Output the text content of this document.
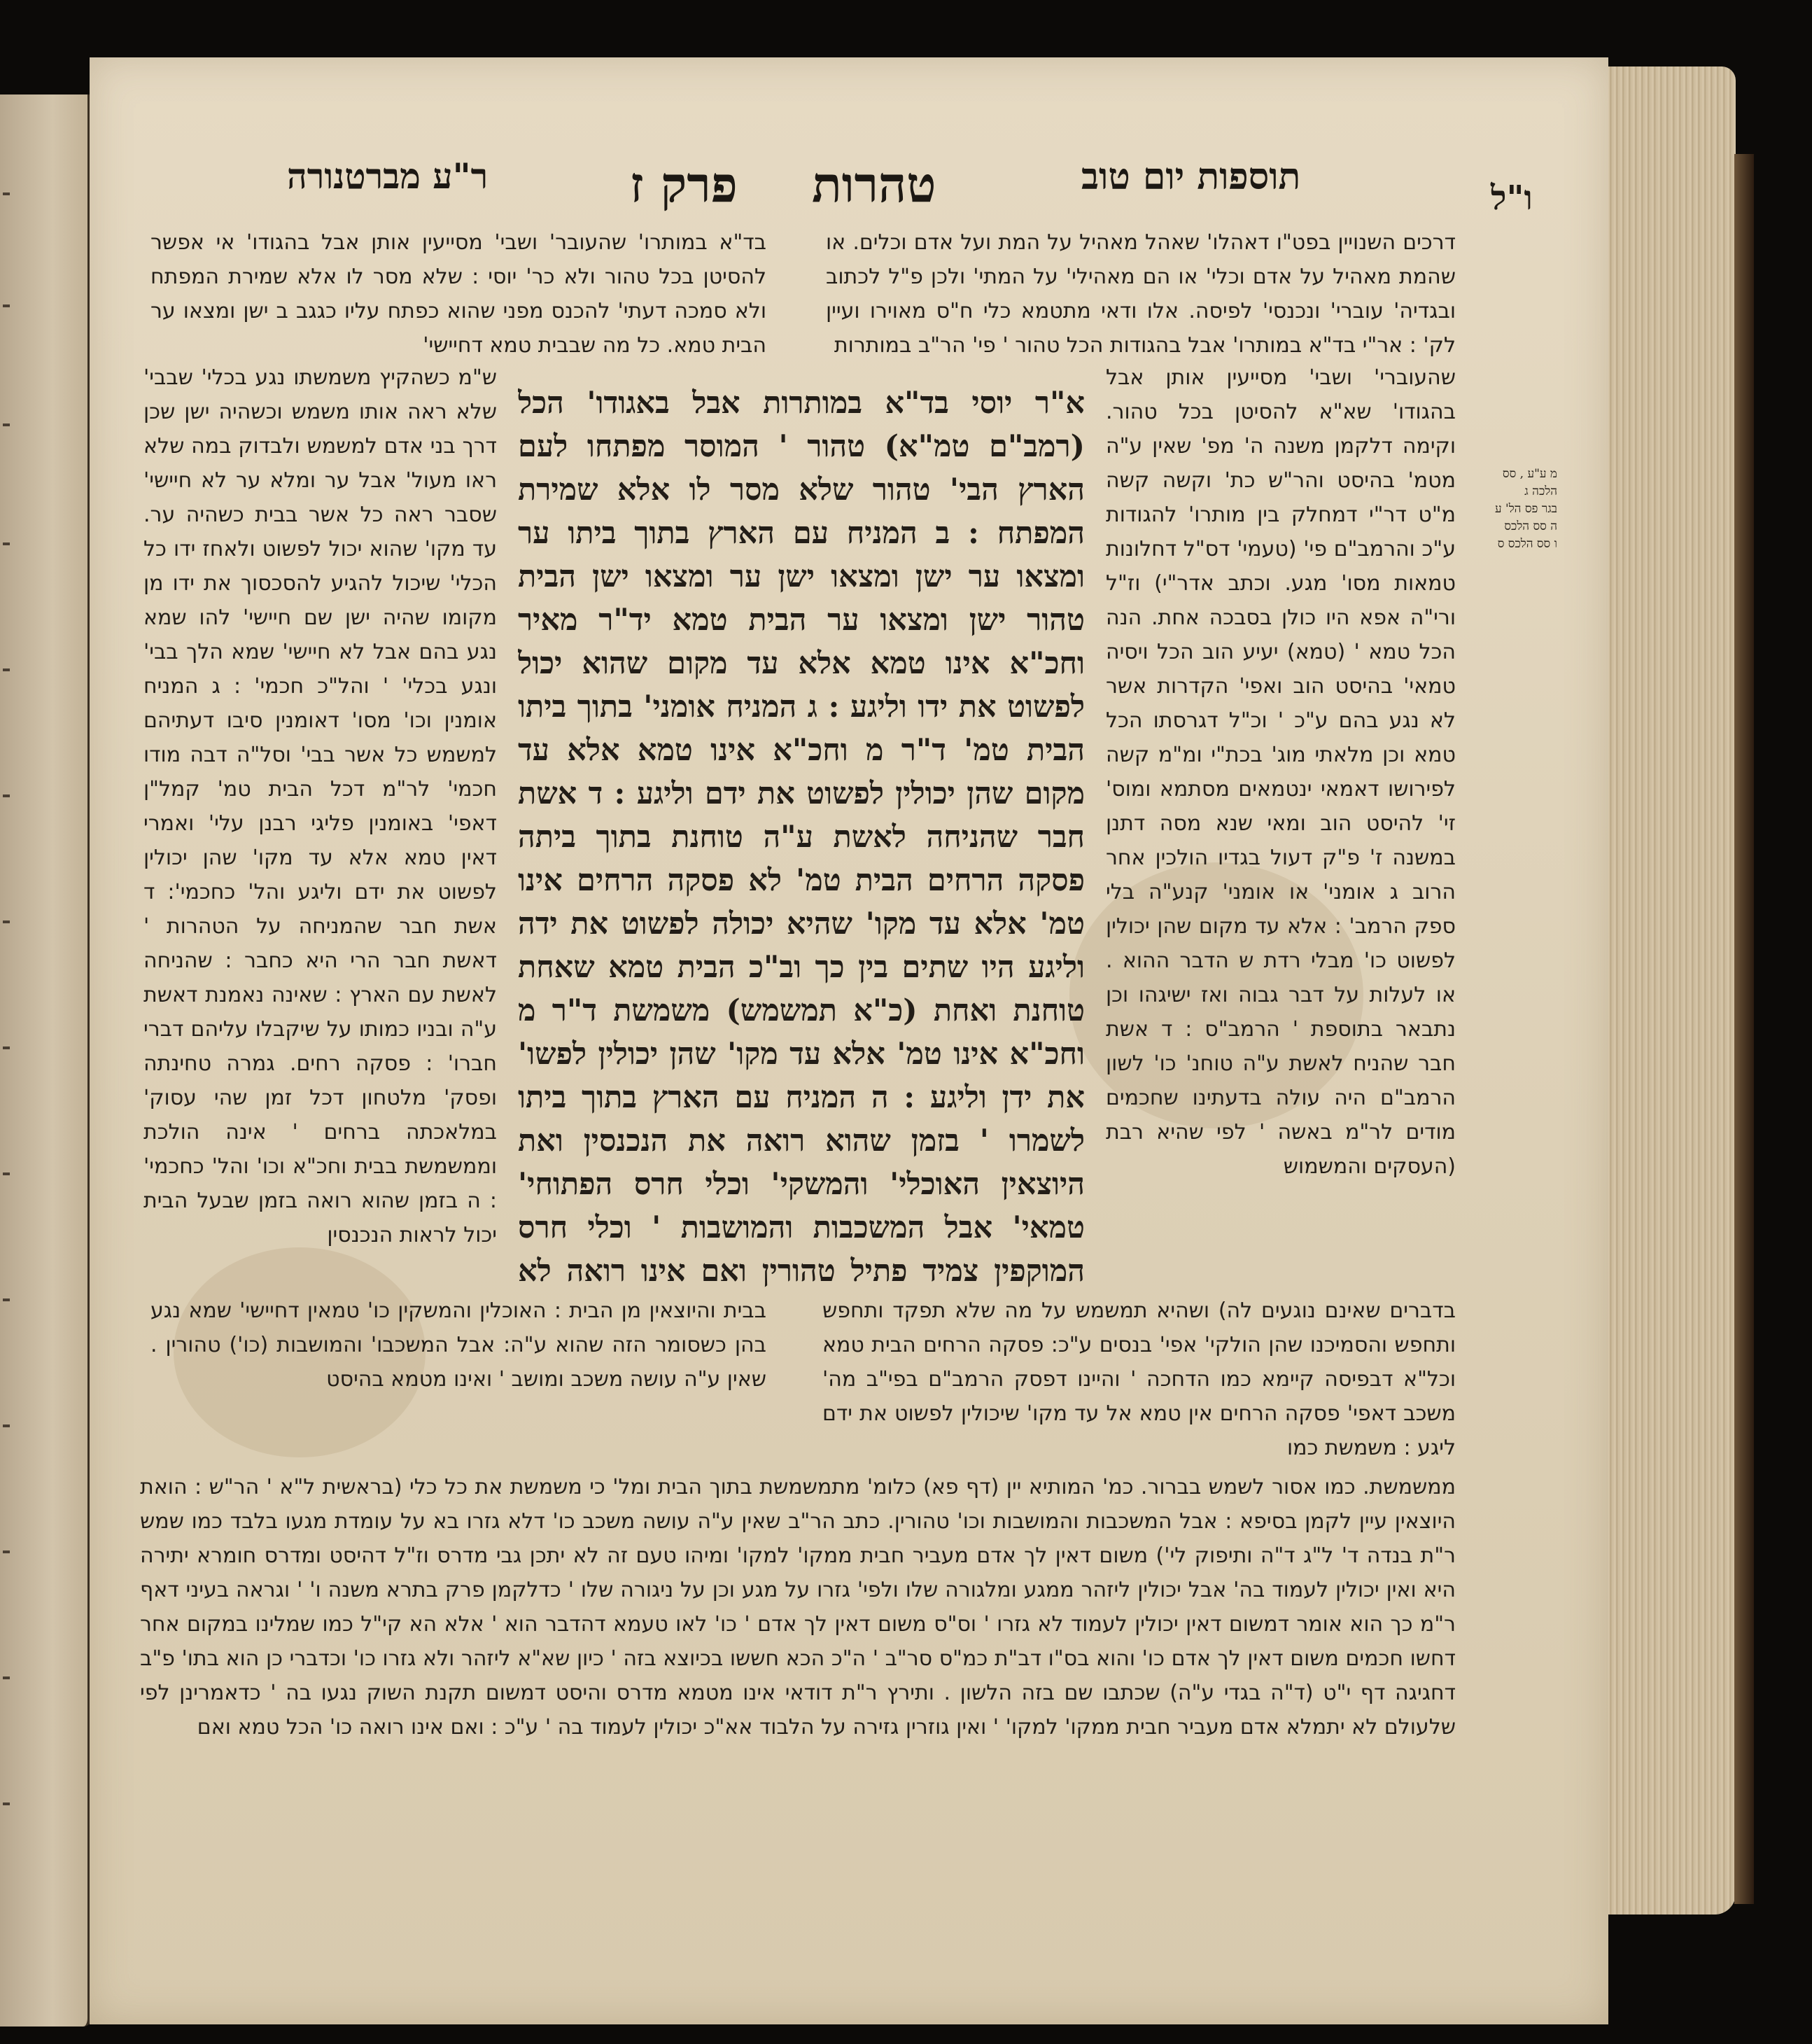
ו"ל
תוספות יום טוב
טהרות
פרק ז
ר"ע מברטנורה

בד"א במותרו' שהעובר' ושבי' מסייעין אותן אבל בהגודו' אי אפשר להסיטן בכל טהור ולא כר' יוסי : שלא מסר לו אלא שמירת המפתח ולא סמכה דעתי' להכנס מפני שהוא כפתח עליו כגגב ב ישן ומצאו ער הבית טמא. כל מה שבבית טמא דחיישי'

דרכים השנויין בפט"ו דאהלו' שאהל מאהיל על המת ועל אדם וכלים. או שהמת מאהיל על אדם וכלי' או הם מאהילי' על המתי' ולכן פ"ל לכתוב ובגדיה' עוברי' ונכנסי' לפיסה. אלו ודאי מתטמא כלי ח"ס מאוירו ועיין לק' : אר"י בד"א במותרו' אבל בהגודות הכל טהור ' פי' הר"ב במותרות

שהעוברי' ושבי' מסייעין אותן אבל בהגודו' שא"א להסיטן בכל טהור. וקימה דלקמן משנה ה' מפ' שאין ע"ה מטמ' בהיסט והר"ש כת' וקשה קשה מ"ט דר"י דמחלק בין מותרו' להגודות ע"כ והרמב"ם פי' (טעמי' דס"ל דחלונות טמאות מסו' מגע. וכתב אדר"י) וז"ל ורי"ה אפא היו כולן בסבכה אחת. הנה הכל טמא ' (טמא) יעיע הוב הכל ויסיה טמאי' בהיסט הוב ואפי' הקדרות אשר לא נגע בהם ע"כ ' וכ"ל דגרסתו הכל טמא וכן מלאתי מוג' בכת"י ומ"מ קשה לפירושו דאמאי ינטמאים מסתמא ומוס' זי' להיסט הוב ומאי שנא מסה דתנן במשנה ז' פ"ק דעול בגדיו הולכין אחר הרוב ג אומני' או אומני' קנע"ה בלי ספק הרמב' : אלא עד מקום שהן יכולין לפשוט כו' מבלי רדת ש הדבר ההוא . או לעלות על דבר גבוה ואז ישיגהו וכן נתבאר בתוספת ' הרמב"ס : ד אשת חבר שהניח לאשת ע"ה טוחנ' כו' לשון הרמב"ם היה עולה בדעתינו שחכמים מודים לר"מ באשה ' לפי שהיא רבת (העסקים והמשמוש

ש"מ כשהקיץ משמשתו נגע בכלי' שבבי' שלא ראה אותו משמש וכשהיה ישן שכן דרך בני אדם למשמש ולבדוק במה שלא ראו מעול' אבל ער ומלא ער לא חיישי' שסבר ראה כל אשר בבית כשהיה ער. עד מקו' שהוא יכול לפשוט ולאחז ידו כל הכלי' שיכול להגיע להסכסוך את ידו מן מקומו שהיה ישן שם חיישי' להו שמא נגע בהם אבל לא חיישי' שמא הלך בבי' ונגע בכלי' ' והל"כ חכמי' : ג המניח אומנין וכו' מסו' דאומנין סיבו דעתיהם למשמש כל אשר בבי' וסל"ה דבה מודו חכמי' לר"מ דכל הבית טמ' קמל"ן דאפי' באומנין פליגי רבנן עלי' ואמרי דאין טמא אלא עד מקו' שהן יכולין לפשוט את ידם וליגע והל' כחכמי': ד אשת חבר שהמניחה על הטהרות ' דאשת חבר הרי היא כחבר : שהניחה לאשת עם הארץ : שאינה נאמנת דאשת ע"ה ובניו כמותו על שיקבלו עליהם דברי חברו' : פסקה רחים. גמרה טחינתה ופסק' מלטחון דכל זמן שהי עסוק' במלאכתה ברחים ' אינה הולכת וממשמשת בבית וחכ"א וכו' והל' כחכמי' : ה בזמן שהוא רואה בזמן שבעל הבית יכול לראות הנכנסין

א"ר יוסי בד"א במותרות אבל באגודו' הכל (רמב"ם טמ"א) טהור ' המוסר מפתחו לעם הארץ הבי' טהור שלא מסר לו אלא שמירת המפתח : ב המניח עם הארץ בתוך ביתו ער ומצאו ער ישן ומצאו ישן ער ומצאו ישן הבית טהור ישן ומצאו ער הבית טמא יד"ר מאיר וחכ"א אינו טמא אלא עד מקום שהוא יכול לפשוט את ידו וליגע : ג המניח אומני' בתוך ביתו הבית טמ' ד"ר מ וחכ"א אינו טמא אלא עד מקום שהן יכולין לפשוט את ידם וליגע : ד אשת חבר שהניחה לאשת ע"ה טוחנת בתוך ביתה פסקה הרחים הבית טמ' לא פסקה הרחים אינו טמ' אלא עד מקו' שהיא יכולה לפשוט את ידה וליגע היו שתים בין כך וב"כ הבית טמא שאחת טוחנת ואחת (כ"א תמשמש) משמשת ד"ר מ וחכ"א אינו טמ' אלא עד מקו' שהן יכולין לפשו' את ידן וליגע : ה המניח עם הארץ בתוך ביתו לשמרו ' בזמן שהוא רואה את הנכנסין ואת היוצאין האוכלי' והמשקי' וכלי חרס הפתוחי' טמאי' אבל המשכבות והמושבות ' וכלי חרס המוקפין צמיד פתיל טהורין ואם אינו רואה לא

בדברים שאינם נוגעים לה) ושהיא תמשמש על מה שלא תפקד ותחפש ותחפש והסמיכנו שהן הולקי' אפי' בנסים ע"כ: פסקה הרחים הבית טמא וכל"א דבפיסה קיימא כמו הדחכה ' והיינו דפסק הרמב"ם בפי"ב מה' משכב דאפי' פסקה הרחים אין טמא אל עד מקו' שיכולין לפשוט את ידם ליגע : משמשת כמו

בבית והיוצאין מן הבית : האוכלין והמשקין כו' טמאין דחיישי' שמא נגע בהן כשסומר הזה שהוא ע"ה: אבל המשכבו' והמושבות (כו') טהורין . שאין ע"ה עושה משכב ומושב ' ואינו מטמא בהיסט

ממשמשת. כמו אסור לשמש בברור. כמ' המותיא יין (דף פא) כלומ' מתמשמשת בתוך הבית ומל' כי משמשת את כל כלי (בראשית ל"א ' הר"ש : הואת היוצאין עיין לקמן בסיפא : אבל המשכבות והמושבות וכו' טהורין. כתב הר"ב שאין ע"ה עושה משכב כו' דלא גזרו בא על עומדת מגעו בלבד כמו שמש ר"ת בנדה ד' ל"ג ד"ה ותיפוק לי') משום דאין לך אדם מעביר חבית ממקו' למקו' ומיהו טעם זה לא יתכן גבי מדרס וז"ל דהיסט ומדרס חומרא יתירה היא ואין יכולין לעמוד בה' אבל יכולין ליזהר ממגע ומלגורה שלו ולפי' גזרו על מגע וכן על ניגורה שלו ' כדלקמן פרק בתרא משנה ו' ' וגראה בעיני דאף ר"מ כך הוא אומר דמשום דאין יכולין לעמוד לא גזרו ' וס"ס משום דאין לך אדם ' כו' לאו טעמא דהדבר הוא ' אלא הא קי"ל כמו שמלינו במקום אחר דחשו חכמים משום דאין לך אדם כו' והוא בס"ו דב"ת כמ"ס סר"ב ' ה"כ הכא חששו בכיוצא בזה ' כיון שא"א ליזהר ולא גזרו כו' וכדברי כן הוא בתו' פ"ב דחגיגה דף י"ט (ד"ה בגדי ע"ה) שכתבו שם בזה הלשון . ותירץ ר"ת דודאי אינו מטמא מדרס והיסט דמשום תקנת השוק נגעו בה ' כדאמרינן לפי שלעולם לא יתמלא אדם מעביר חבית ממקו' למקו' ' ואין גוזרין גזירה על הלבוד אא"כ יכולין לעמוד בה ' ע"כ : ואם אינו רואה כו' הכל טמא ואם

מ ע"ע , סס
הלכה ג
בגר פס הל' ע
ה סס הלכס
ו סס הלכס ס
